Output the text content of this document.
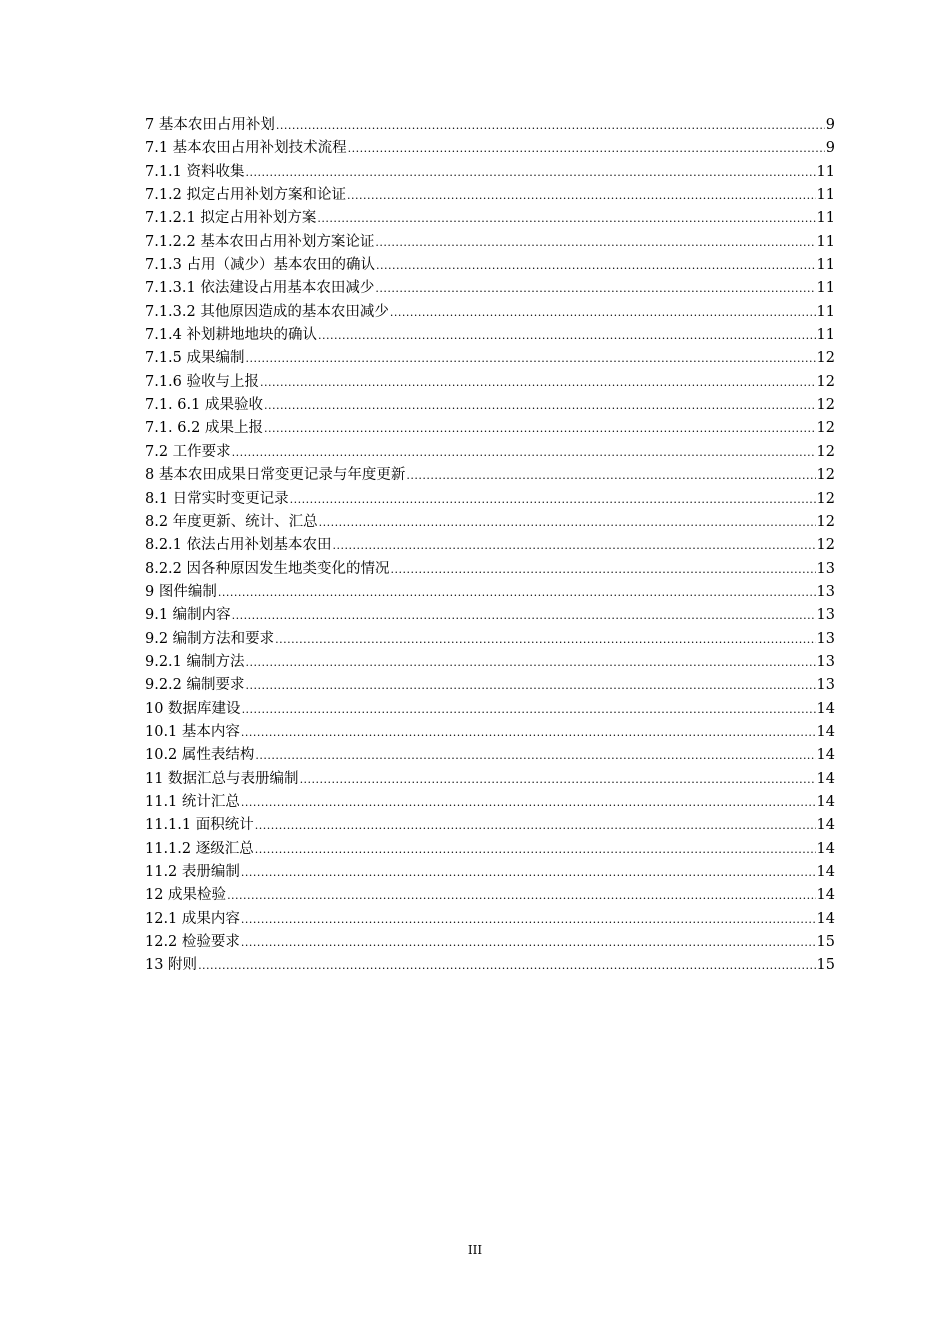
7 基本农田占用补划 .....	9
7.1 基本农田占用补划技术流程 .....	9
7.1.1 资料收集 .....	11
7.1.2 拟定占用补划方案和论证 .....	11
7.1.2.1 拟定占用补划方案 .....	11
7.1.2.2 基本农田占用补划方案论证 .....	11
7.1.3 占用（减少）基本农田的确认 .....	11
7.1.3.1 依法建设占用基本农田减少 .....	11
7.1.3.2 其他原因造成的基本农田减少 .....	11
7.1.4 补划耕地地块的确认 .....	11
7.1.5 成果编制 .....	12
7.1.6 验收与上报 .....	12
7.1. 6.1 成果验收 .....	12
7.1. 6.2 成果上报 .....	12
7.2 工作要求 .....	12
8 基本农田成果日常变更记录与年度更新 .....	12
8.1 日常实时变更记录 .....	12
8.2 年度更新、统计、汇总 .....	12
8.2.1 依法占用补划基本农田 .....	12
8.2.2 因各种原因发生地类变化的情况 .....	13
9 图件编制 .....	13
9.1 编制内容 .....	13
9.2 编制方法和要求 .....	13
9.2.1 编制方法 .....	13
9.2.2 编制要求 .....	13
10 数据库建设 .....	14
10.1 基本内容 .....	14
10.2 属性表结构 .....	14
11 数据汇总与表册编制 .....	14
11.1 统计汇总 .....	14
11.1.1 面积统计 .....	14
11.1.2 逐级汇总 .....	14
11.2 表册编制 .....	14
12 成果检验 .....	14
12.1 成果内容 .....	14
12.2 检验要求 .....	15
13 附则 .....	15
III
